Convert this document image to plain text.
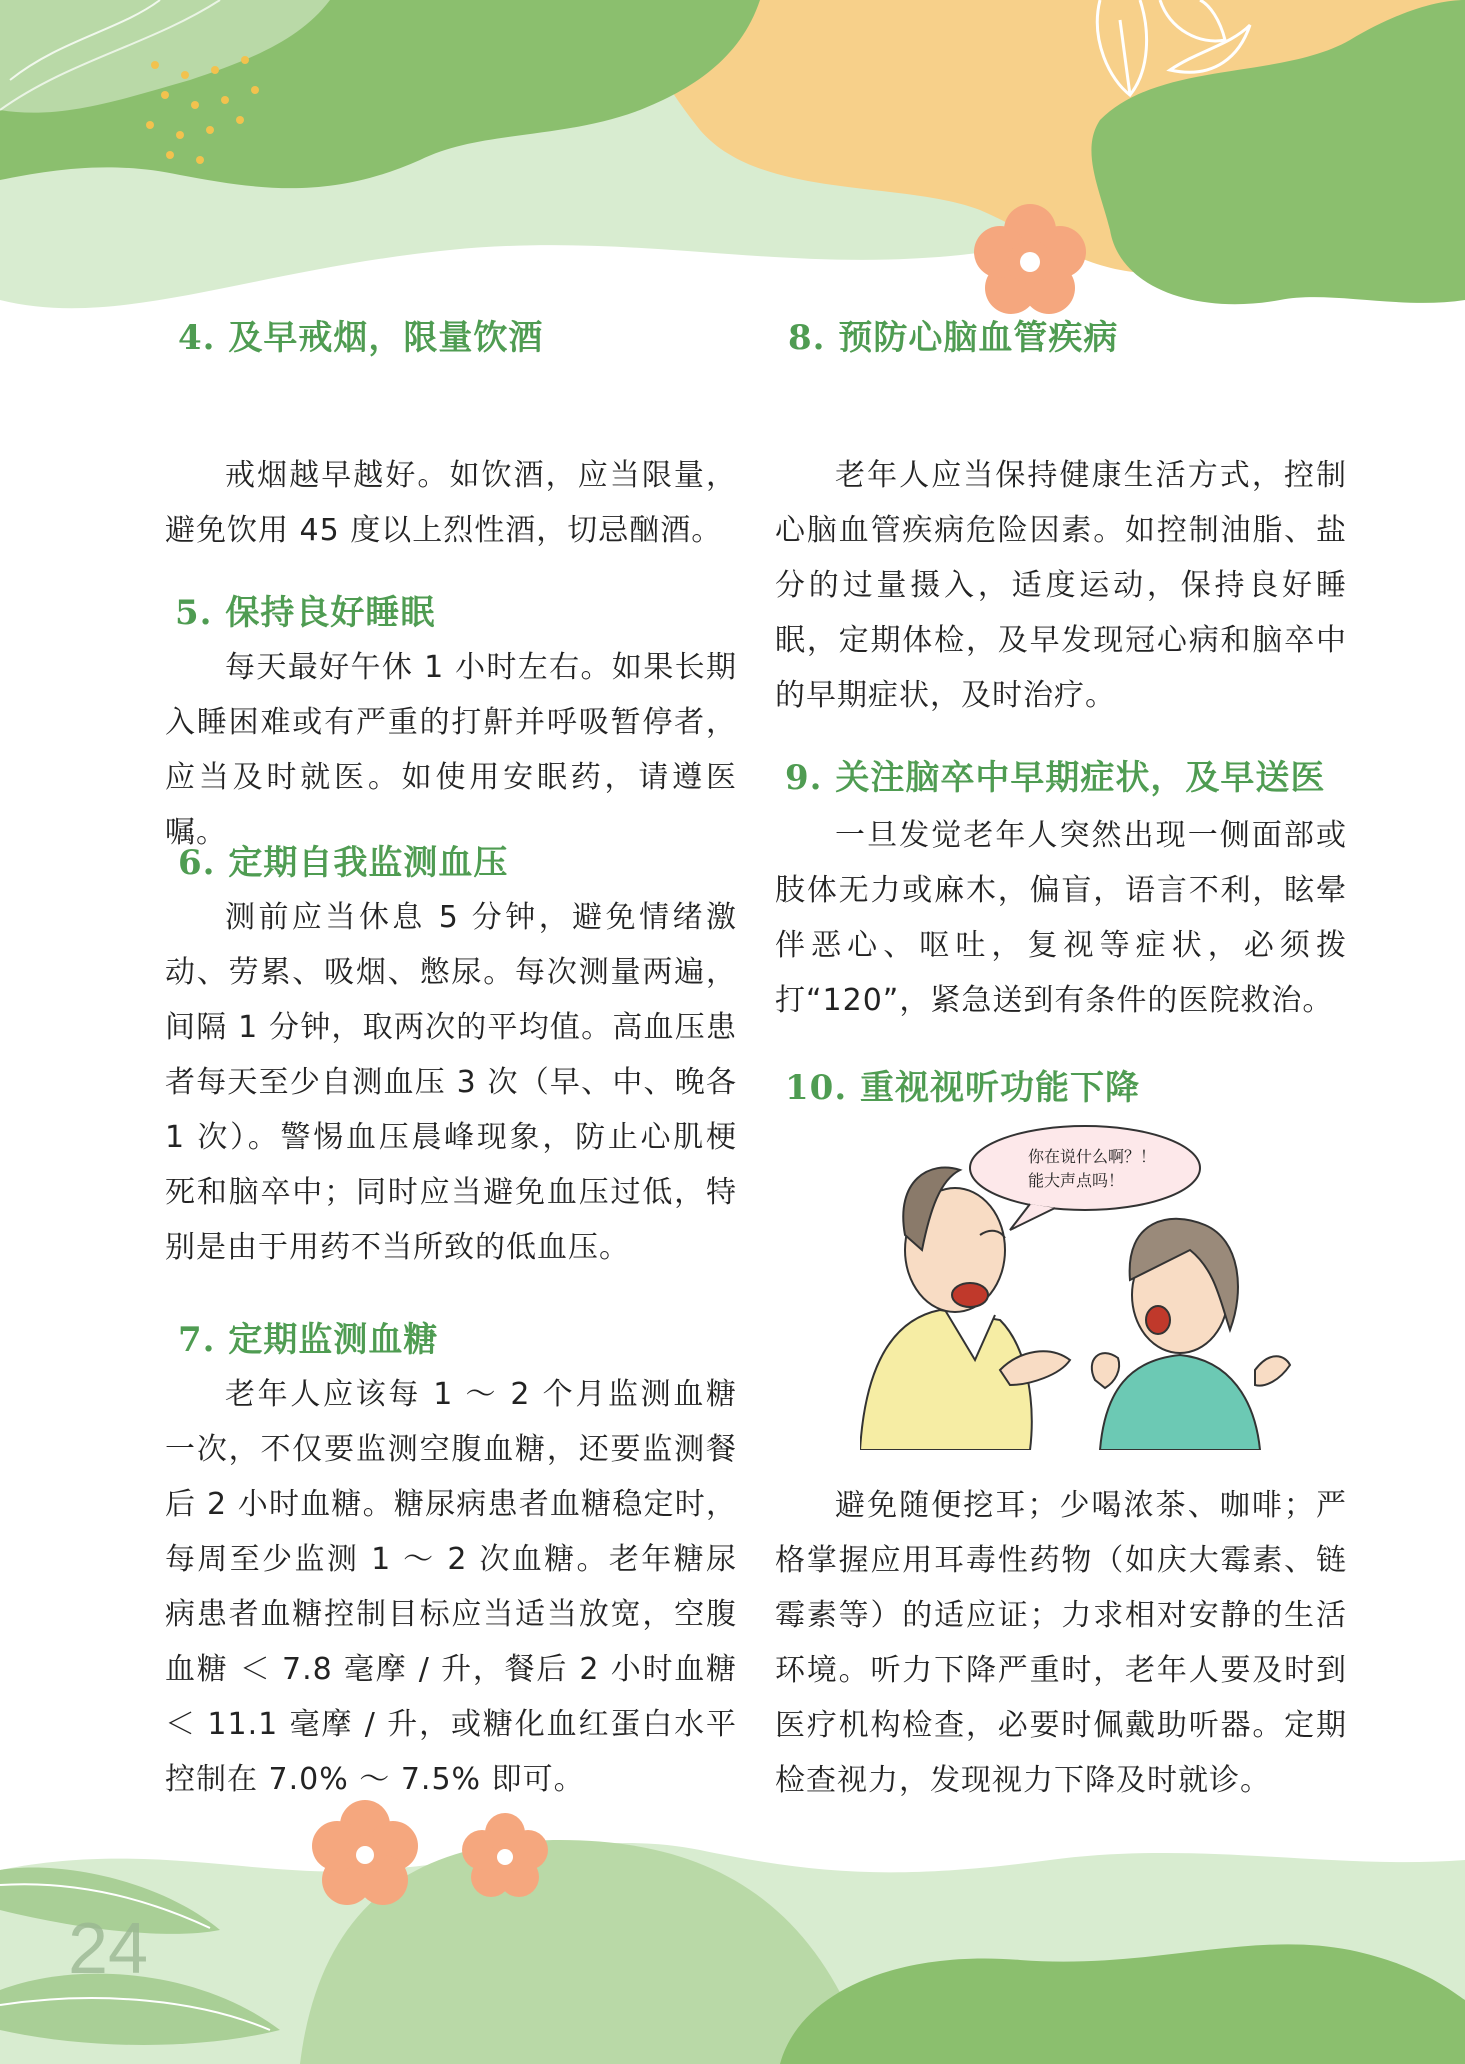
24
4. 及早戒烟，限量饮酒

戒烟越早越好。如饮酒，应当限量，避免饮用 45 度以上烈性酒，切忌酗酒。

5. 保持良好睡眠

每天最好午休 1 小时左右。如果长期入睡困难或有严重的打鼾并呼吸暂停者，应当及时就医。如使用安眠药，请遵医嘱。

6. 定期自我监测血压

测前应当休息 5 分钟，避免情绪激动、劳累、吸烟、憋尿。每次测量两遍，间隔 1 分钟，取两次的平均值。高血压患者每天至少自测血压 3 次（早、中、晚各 1 次）。警惕血压晨峰现象，防止心肌梗死和脑卒中；同时应当避免血压过低，特别是由于用药不当所致的低血压。

7. 定期监测血糖

老年人应该每 1 ～ 2 个月监测血糖一次，不仅要监测空腹血糖，还要监测餐后 2 小时血糖。糖尿病患者血糖稳定时，每周至少监测 1 ～ 2 次血糖。老年糖尿病患者血糖控制目标应当适当放宽，空腹血糖 ＜ 7.8 毫摩 / 升，餐后 2 小时血糖 ＜ 11.1 毫摩 / 升，或糖化血红蛋白水平控制在 7.0% ～ 7.5% 即可。

8. 预防心脑血管疾病

老年人应当保持健康生活方式，控制心脑血管疾病危险因素。如控制油脂、盐分的过量摄入，适度运动，保持良好睡眠，定期体检，及早发现冠心病和脑卒中的早期症状，及时治疗。

9. 关注脑卒中早期症状，及早送医

一旦发觉老年人突然出现一侧面部或肢体无力或麻木，偏盲，语言不利，眩晕伴恶心、呕吐，复视等症状，必须拨打“120”，紧急送到有条件的医院救治。

10. 重视视听功能下降
你在说什么啊？！
能大声点吗！

避免随便挖耳；少喝浓茶、咖啡；严格掌握应用耳毒性药物（如庆大霉素、链霉素等）的适应证；力求相对安静的生活环境。听力下降严重时，老年人要及时到医疗机构检查，必要时佩戴助听器。定期检查视力，发现视力下降及时就诊。
